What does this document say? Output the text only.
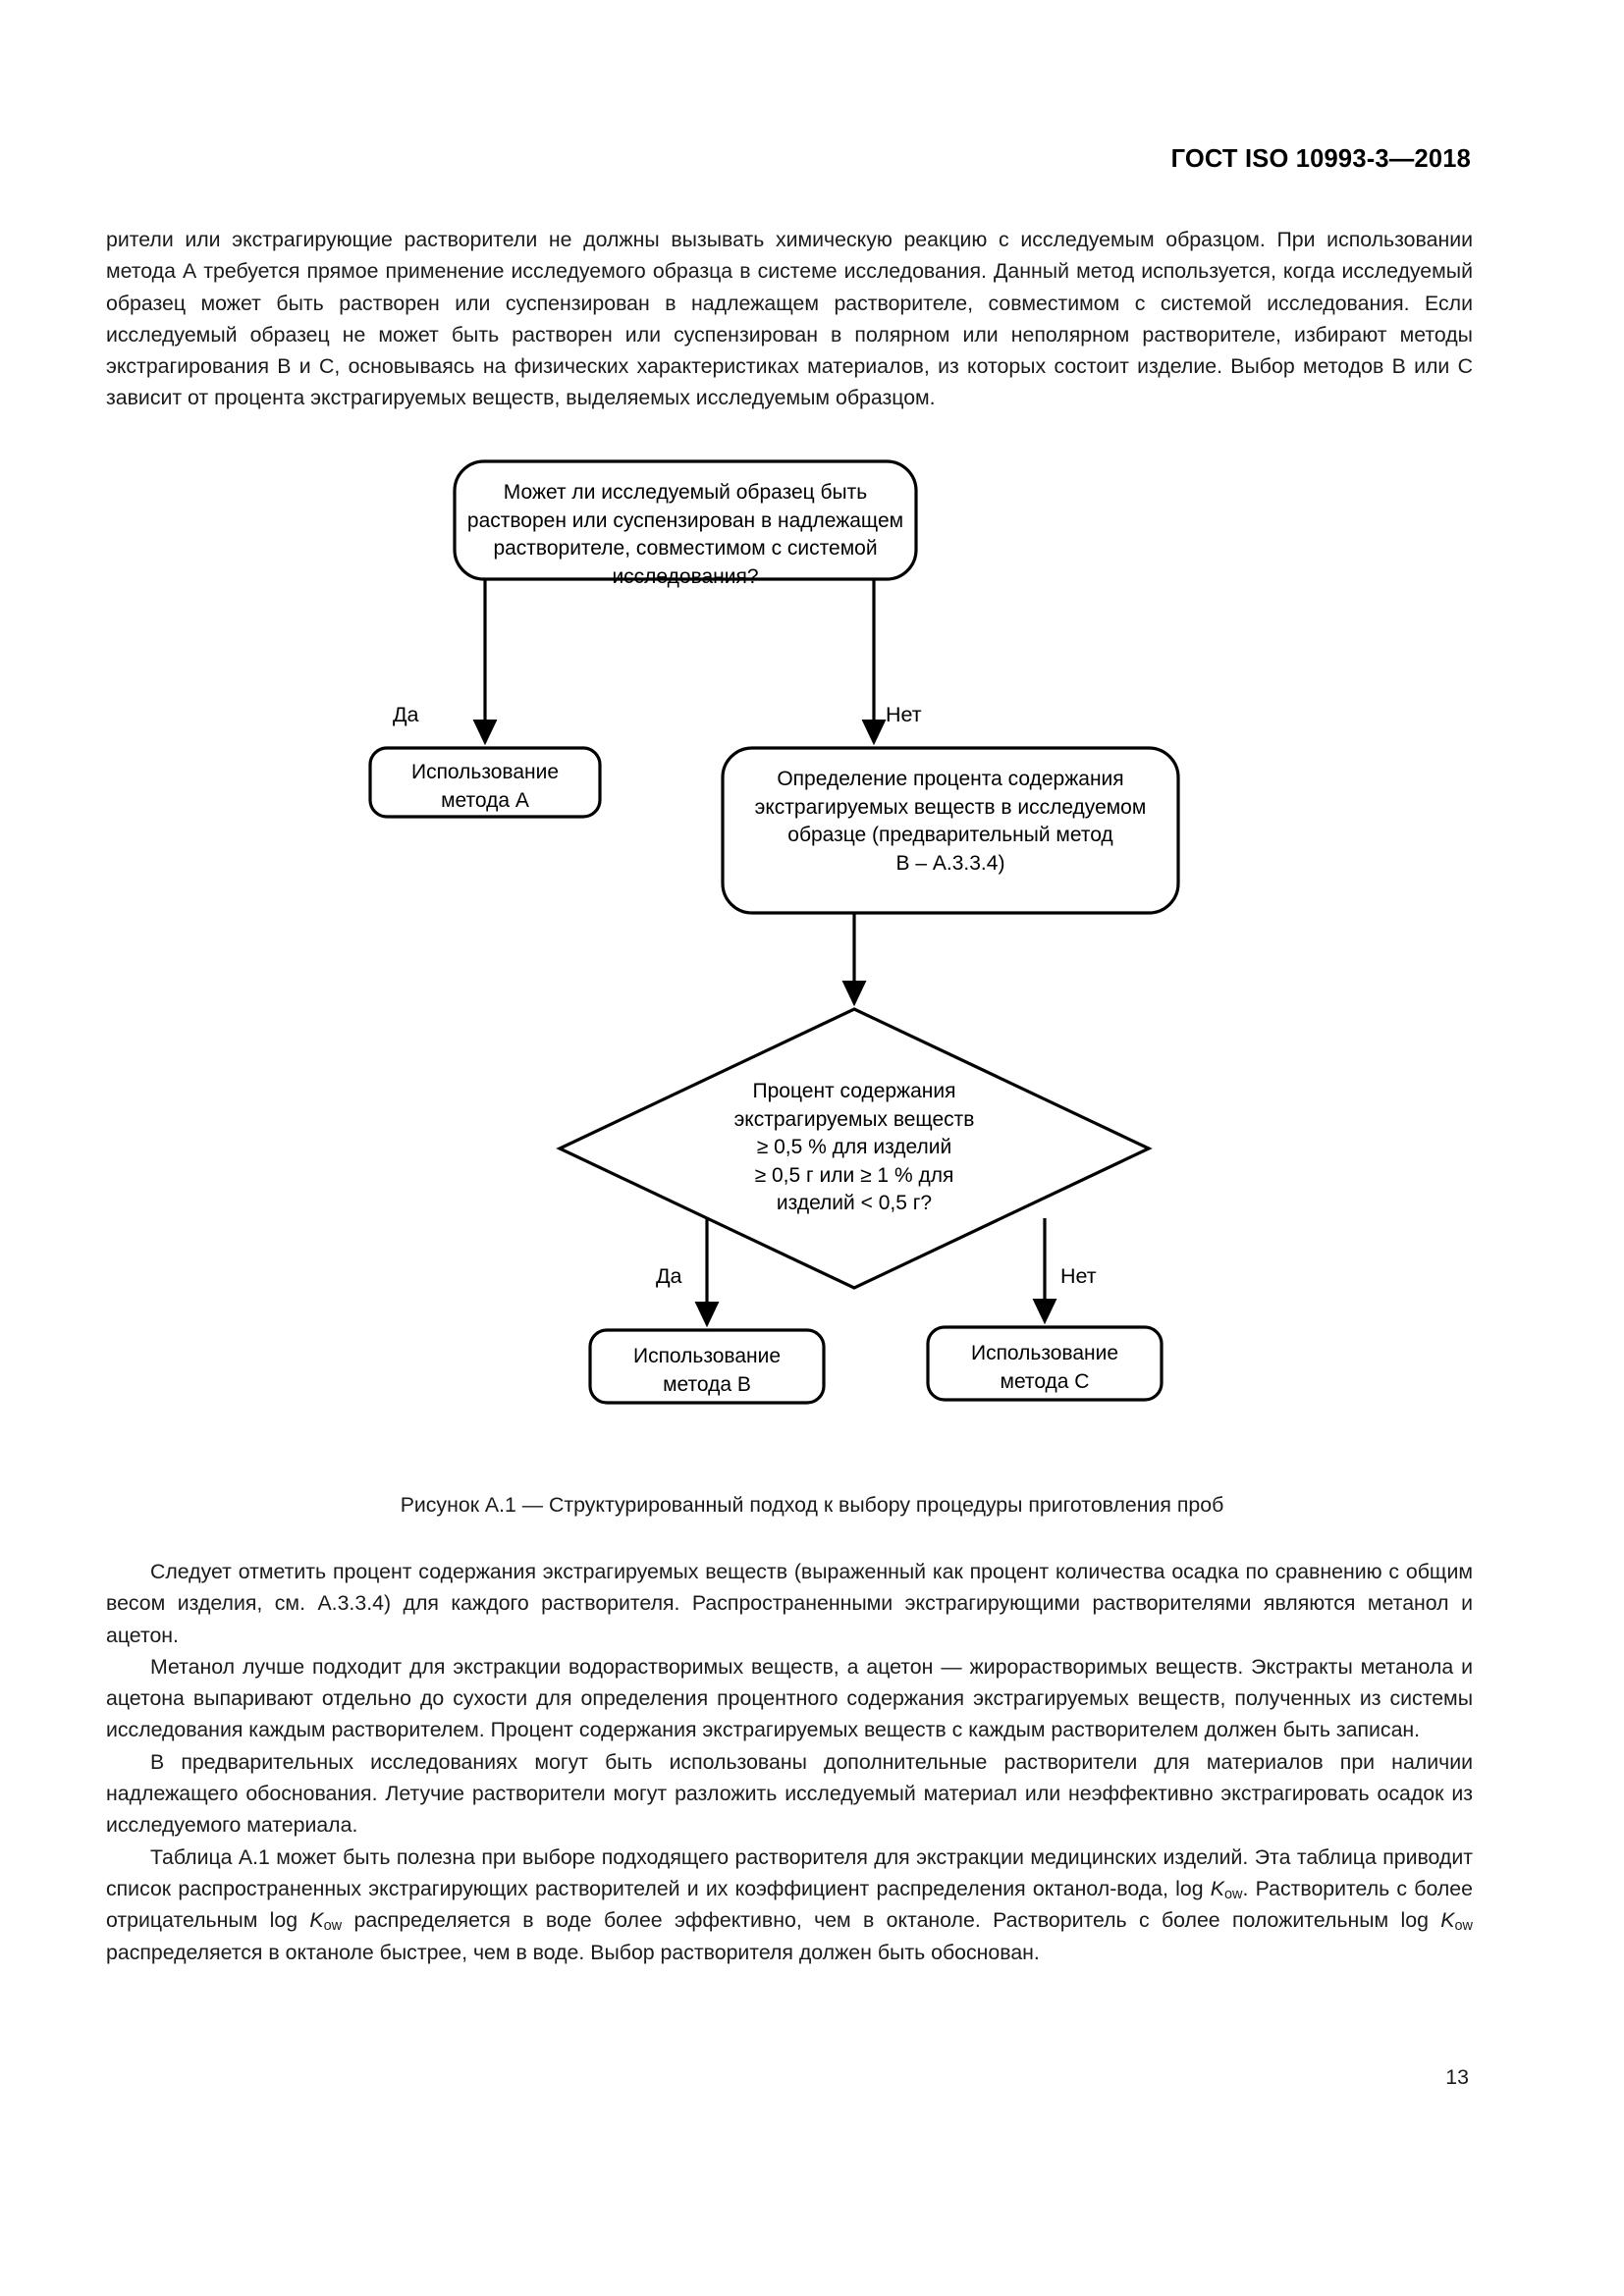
ГОСТ ISO 10993-3—2018

рители или экстрагирующие растворители не должны вызывать химическую реакцию с исследуемым образцом. При использовании метода А требуется прямое применение исследуемого образца в системе исследования. Данный метод используется, когда исследуемый образец может быть растворен или суспензирован в надлежащем растворителе, совместимом с системой исследования. Если исследуемый образец не может быть растворен или суспензирован в полярном или неполярном растворителе, избирают методы экстрагирования В и С, основываясь на физических характеристиках материалов, из которых состоит изделие. Выбор методов В или С зависит от процента экстрагируемых веществ, выделяемых исследуемым образцом.

Может ли исследуемый образец быть растворен или суспензирован в надлежащем растворителе, совместимом с системой исследования?
Использование
метода А
Определение процента содержания экстрагируемых веществ в исследуемом образце (предварительный метод
В – А.3.3.4)
Процент содержания
экстрагируемых веществ
≥ 0,5 % для изделий
≥ 0,5 г или ≥ 1 % для
изделий < 0,5 г?
Использование
метода В
Использование
метода С
Да	Нет
Да	Нет
Рисунок А.1 — Структурированный подход к выбору процедуры приготовления проб

Следует отметить процент содержания экстрагируемых веществ (выраженный как процент количества осадка по сравнению с общим весом изделия, см. А.3.3.4) для каждого растворителя. Распространенными экстрагирующими растворителями являются метанол и ацетон.

Метанол лучше подходит для экстракции водорастворимых веществ, а ацетон — жирорастворимых веществ. Экстракты метанола и ацетона выпаривают отдельно до сухости для определения процентного содержания экстрагируемых веществ, полученных из системы исследования каждым растворителем. Процент содержания экстрагируемых веществ с каждым растворителем должен быть записан.

В предварительных исследованиях могут быть использованы дополнительные растворители для материалов при наличии надлежащего обоснования. Летучие растворители могут разложить исследуемый материал или неэффективно экстрагировать осадок из исследуемого материала.

Таблица А.1 может быть полезна при выборе подходящего растворителя для экстракции медицинских изделий. Эта таблица приводит список распространенных экстрагирующих растворителей и их коэффициент распределения октанол-вода, $\log K_{ow}$. Растворитель с более отрицательным $\log K_{ow}$ распределяется в воде более эффективно, чем в октаноле. Растворитель с более положительным $\log K_{ow}$ распределяется в октаноле быстрее, чем в воде. Выбор растворителя должен быть обоснован.

13
